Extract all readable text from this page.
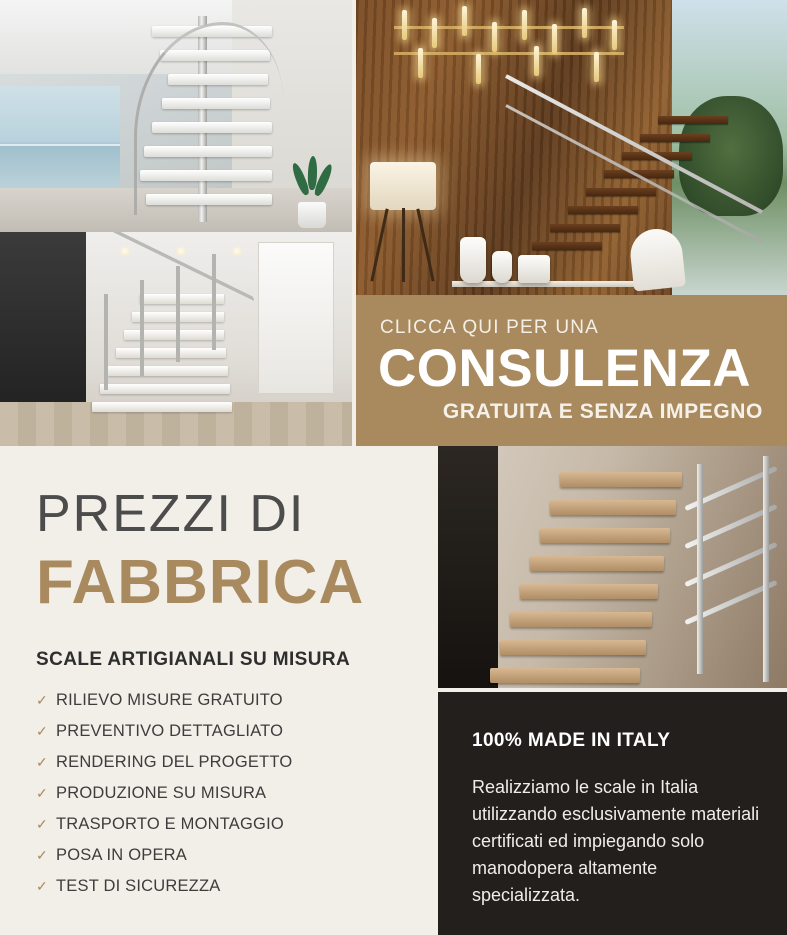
CLICCA QUI PER UNA
CONSULENZA
GRATUITA E SENZA IMPEGNO
PREZZI DI
FABBRICA
SCALE ARTIGIANALI SU MISURA
✓ RILIEVO MISURE GRATUITO
✓ PREVENTIVO DETTAGLIATO
✓ RENDERING DEL PROGETTO
✓ PRODUZIONE SU MISURA
✓ TRASPORTO E MONTAGGIO
✓ POSA IN OPERA
✓ TEST DI SICUREZZA
100% MADE IN ITALY
Realizziamo le scale in Italia utilizzando esclusivamente materiali certificati ed impiegando solo manodopera altamente specializzata.
